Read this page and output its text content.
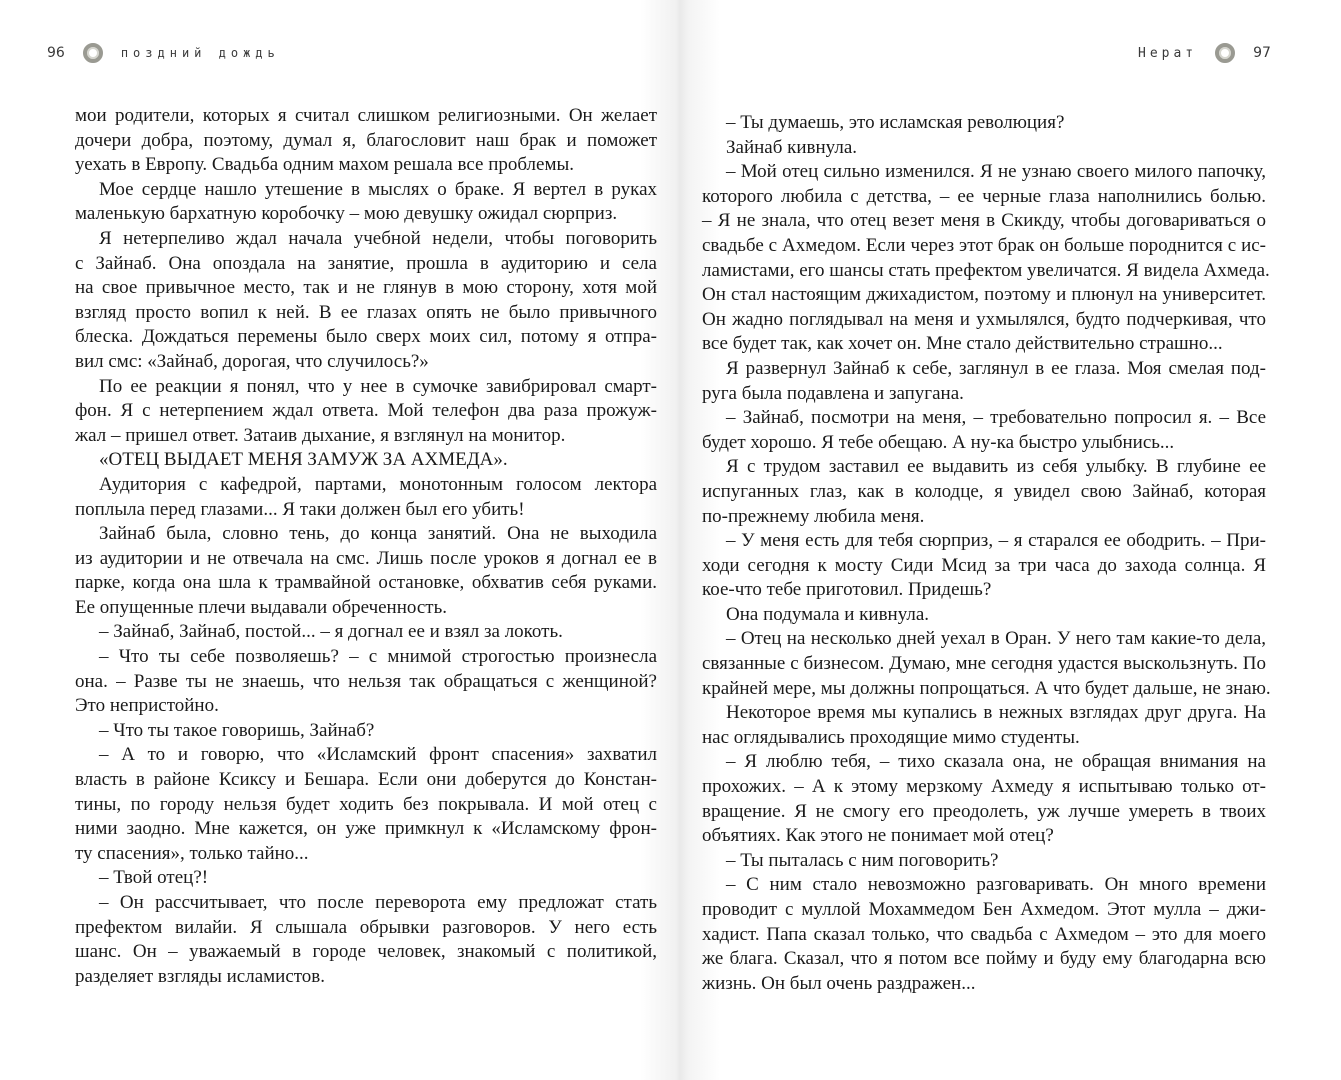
96	поздний дождь	Нерат	97
мои родители, которых я считал слишком религиозными. Он желает
дочери добра, поэтому, думал я, благословит наш брак и поможет
уехать в Европу. Свадьба одним махом решала все проблемы.
Мое сердце нашло утешение в мыслях о браке. Я вертел в руках
маленькую бархатную коробочку – мою девушку ожидал сюрприз.
Я нетерпеливо ждал начала учебной недели, чтобы поговорить
с Зайнаб. Она опоздала на занятие, прошла в аудиторию и села
на свое привычное место, так и не глянув в мою сторону, хотя мой
взгляд просто вопил к ней. В ее глазах опять не было привычного
блеска. Дождаться перемены было сверх моих сил, потому я отпра-
вил смс: «Зайнаб, дорогая, что случилось?»
По ее реакции я понял, что у нее в сумочке завибрировал смарт-
фон. Я с нетерпением ждал ответа. Мой телефон два раза прожуж-
жал – пришел ответ. Затаив дыхание, я взглянул на монитор.
«ОТЕЦ ВЫДАЕТ МЕНЯ ЗАМУЖ ЗА АХМЕДА».
Аудитория с кафедрой, партами, монотонным голосом лектора
поплыла перед глазами... Я таки должен был его убить!
Зайнаб была, словно тень, до конца занятий. Она не выходила
из аудитории и не отвечала на смс. Лишь после уроков я догнал ее в
парке, когда она шла к трамвайной остановке, обхватив себя руками.
Ее опущенные плечи выдавали обреченность.
– Зайнаб, Зайнаб, постой... – я догнал ее и взял за локоть.
– Что ты себе позволяешь? – с мнимой строгостью произнесла
она. – Разве ты не знаешь, что нельзя так обращаться с женщиной?
Это непристойно.
– Что ты такое говоришь, Зайнаб?
– А то и говорю, что «Исламский фронт спасения» захватил
власть в районе Ксиксу и Бешара. Если они доберутся до Констан-
тины, по городу нельзя будет ходить без покрывала. И мой отец с
ними заодно. Мне кажется, он уже примкнул к «Исламскому фрон-
ту спасения», только тайно...
– Твой отец?!
– Он рассчитывает, что после переворота ему предложат стать
префектом вилайи. Я слышала обрывки разговоров. У него есть
шанс. Он – уважаемый в городе человек, знакомый с политикой,
разделяет взгляды исламистов.
– Ты думаешь, это исламская революция?
Зайнаб кивнула.
– Мой отец сильно изменился. Я не узнаю своего милого папочку,
которого любила с детства, – ее черные глаза наполнились болью.
– Я не знала, что отец везет меня в Скикду, чтобы договариваться о
свадьбе с Ахмедом. Если через этот брак он больше породнится с ис-
ламистами, его шансы стать префектом увеличатся. Я видела Ахмеда.
Он стал настоящим джихадистом, поэтому и плюнул на университет.
Он жадно поглядывал на меня и ухмылялся, будто подчеркивая, что
все будет так, как хочет он. Мне стало действительно страшно...
Я развернул Зайнаб к себе, заглянул в ее глаза. Моя смелая под-
руга была подавлена и запугана.
– Зайнаб, посмотри на меня, – требовательно попросил я. – Все
будет хорошо. Я тебе обещаю. А ну-ка быстро улыбнись...
Я с трудом заставил ее выдавить из себя улыбку. В глубине ее
испуганных глаз, как в колодце, я увидел свою Зайнаб, которая
по-прежнему любила меня.
– У меня есть для тебя сюрприз, – я старался ее ободрить. – При-
ходи сегодня к мосту Сиди Мсид за три часа до захода солнца. Я
кое-что тебе приготовил. Придешь?
Она подумала и кивнула.
– Отец на несколько дней уехал в Оран. У него там какие-то дела,
связанные с бизнесом. Думаю, мне сегодня удастся выскользнуть. По
крайней мере, мы должны попрощаться. А что будет дальше, не знаю.
Некоторое время мы купались в нежных взглядах друг друга. На
нас оглядывались проходящие мимо студенты.
– Я люблю тебя, – тихо сказала она, не обращая внимания на
прохожих. – А к этому мерзкому Ахмеду я испытываю только от-
вращение. Я не смогу его преодолеть, уж лучше умереть в твоих
объятиях. Как этого не понимает мой отец?
– Ты пыталась с ним поговорить?
– С ним стало невозможно разговаривать. Он много времени
проводит с муллой Мохаммедом Бен Ахмедом. Этот мулла – джи-
хадист. Папа сказал только, что свадьба с Ахмедом – это для моего
же блага. Сказал, что я потом все пойму и буду ему благодарна всю
жизнь. Он был очень раздражен...
